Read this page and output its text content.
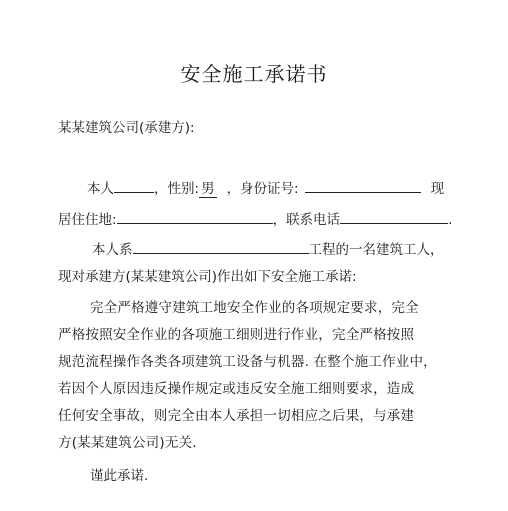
安全施工承诺书
某某建筑公司(承建方):
本人	，性别: 男 ，身份证号:	现
居住住地:	，联系电话	.
本人系	工程的一名建筑工人，
现对承建方(某某建筑公司)作出如下安全施工承诺:
完全严格遵守建筑工地安全作业的各项规定要求，完全
严格按照安全作业的各项施工细则进行作业，完全严格按照
规范流程操作各类各项建筑工设备与机器. 在整个施工作业中，
若因个人原因违反操作规定或违反安全施工细则要求，造成
任何安全事故，则完全由本人承担一切相应之后果，与承建
方(某某建筑公司)无关.
谨此承诺.
